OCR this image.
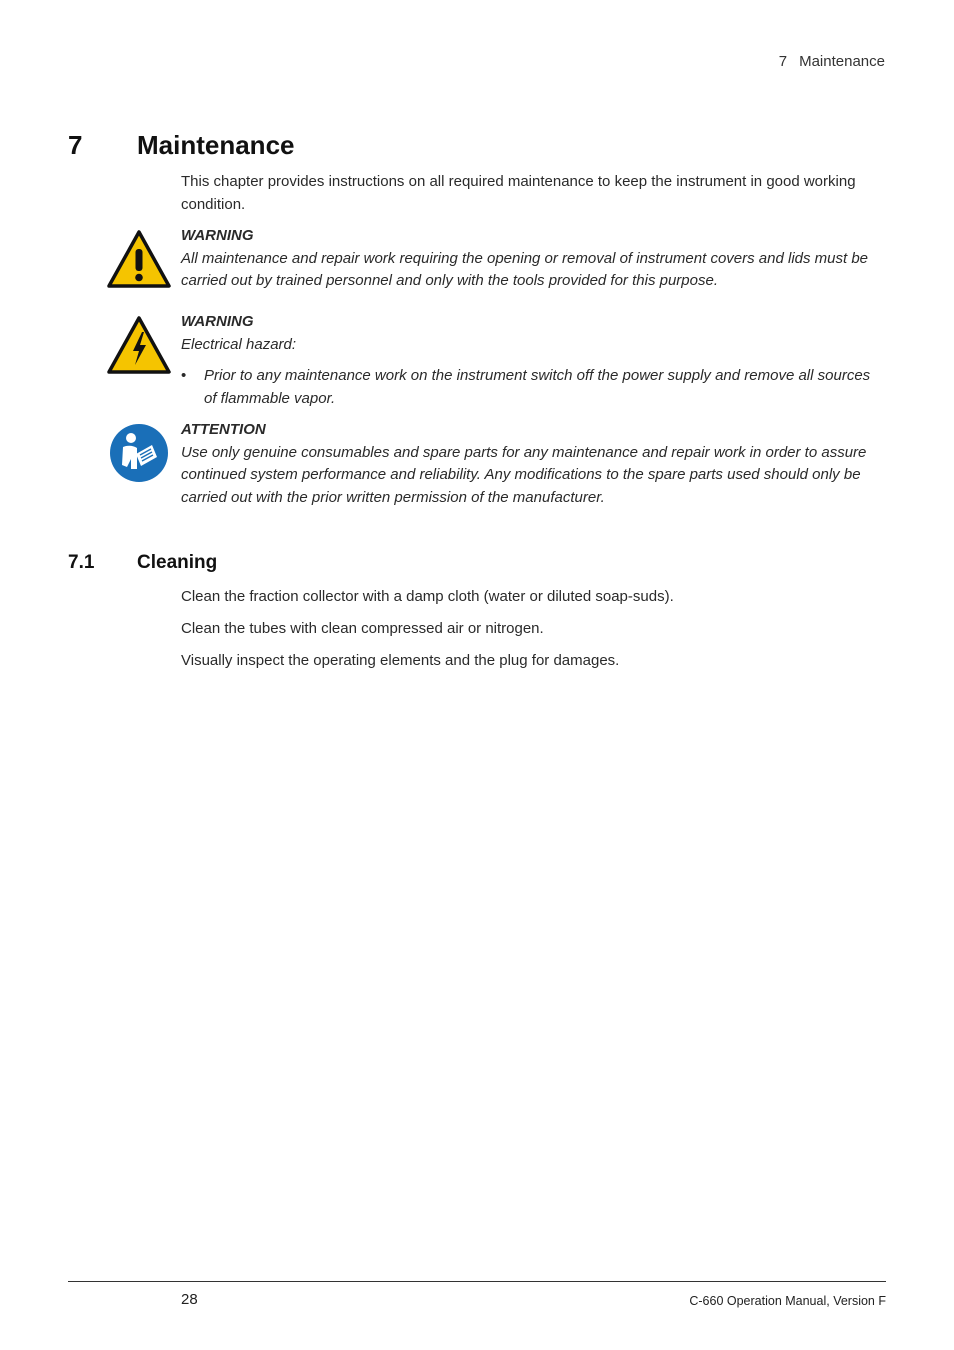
7 Maintenance
7 Maintenance
This chapter provides instructions on all required maintenance to keep the instrument in good working condition.
WARNING
All maintenance and repair work requiring the opening or removal of instrument covers and lids must be carried out by trained personnel and only with the tools provided for this purpose.
WARNING
Electrical hazard:
• Prior to any maintenance work on the instrument switch off the power supply and remove all sources of flammable vapor.
ATTENTION
Use only genuine consumables and spare parts for any maintenance and repair work in order to assure continued system performance and reliability. Any modifications to the spare parts used should only be carried out with the prior written permission of the manufacturer.
7.1 Cleaning
Clean the fraction collector with a damp cloth (water or diluted soap-suds).
Clean the tubes with clean compressed air or nitrogen.
Visually inspect the operating elements and the plug for damages.
28	C-660 Operation Manual, Version F
